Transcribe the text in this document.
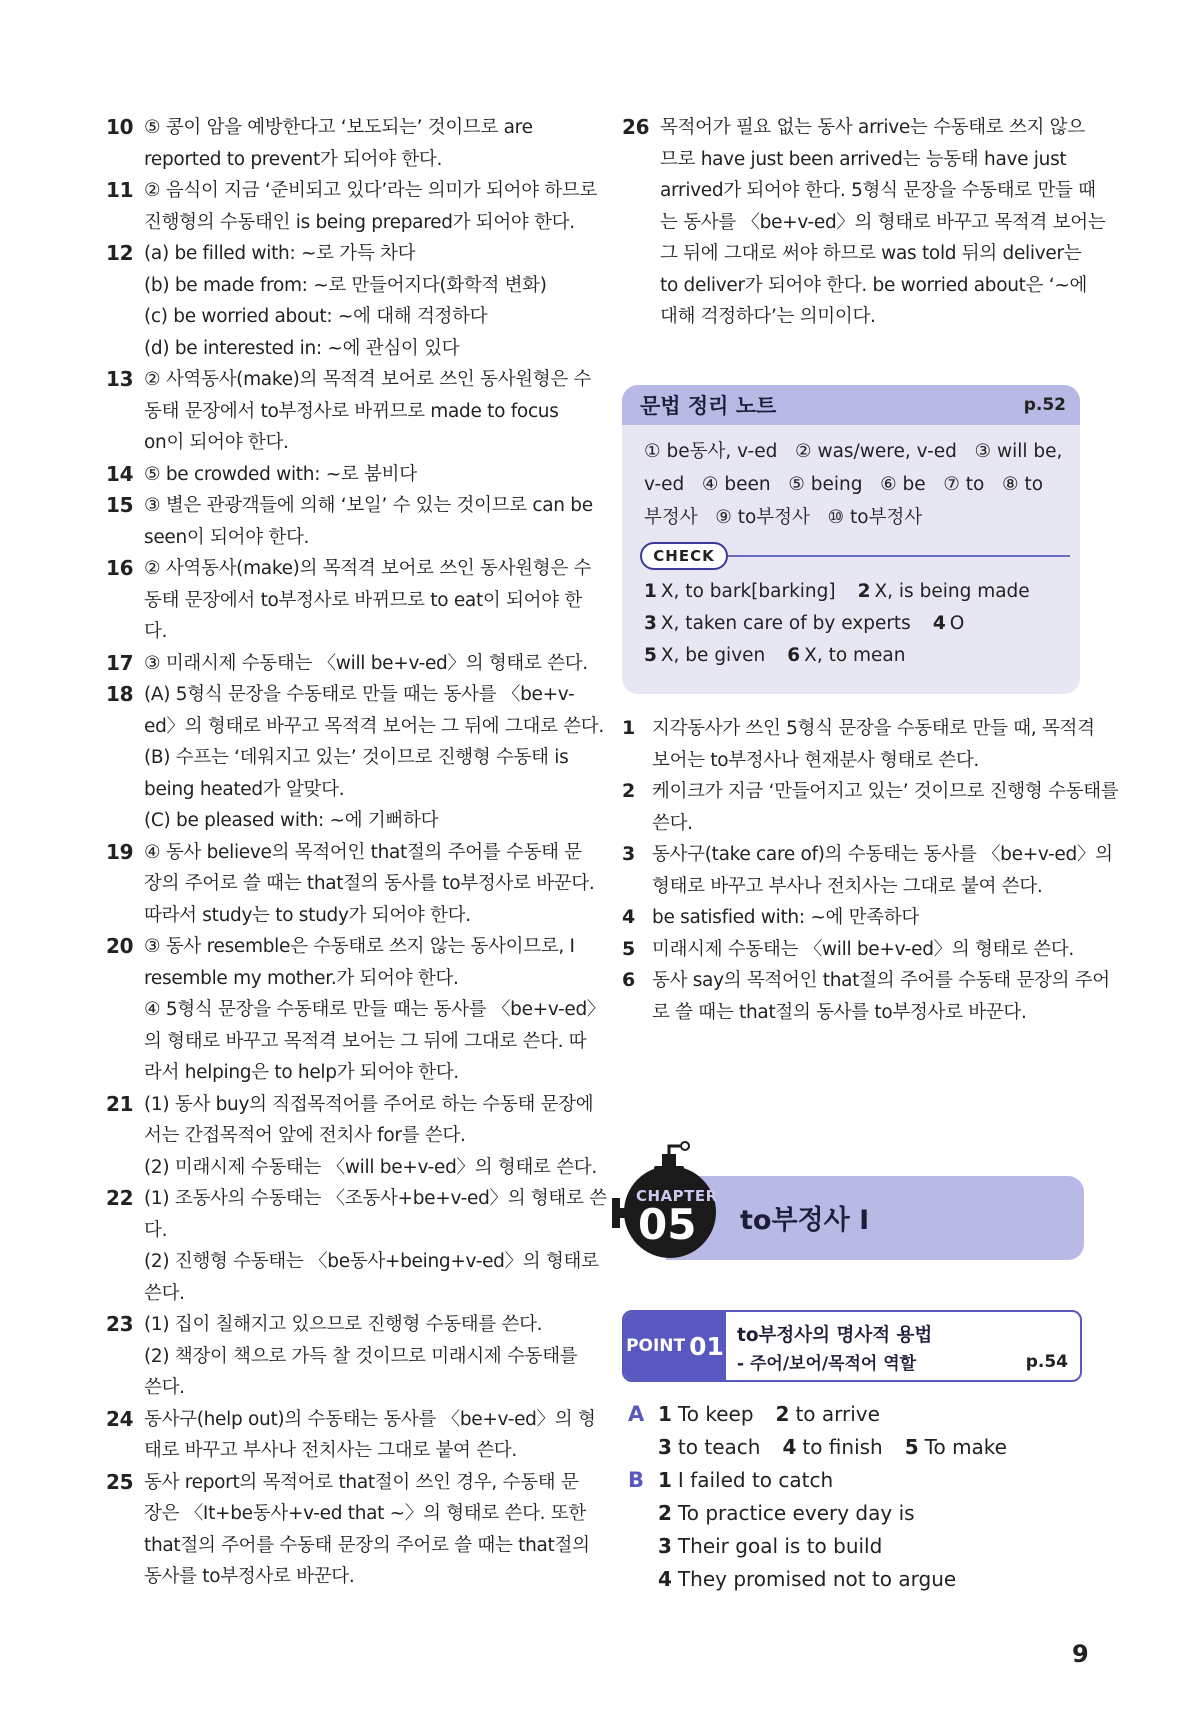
10 ⑤ 콩이 암을 예방한다고 ‘보도되는’ 것이므로 are
reported to prevent가 되어야 한다.
11 ② 음식이 지금 ‘준비되고 있다’라는 의미가 되어야 하므로
진행형의 수동태인 is being prepared가 되어야 한다.
12 (a) be filled with: ~로 가득 차다
(b) be made from: ~로 만들어지다(화학적 변화)
(c) be worried about: ~에 대해 걱정하다
(d) be interested in: ~에 관심이 있다
13 ② 사역동사(make)의 목적격 보어로 쓰인 동사원형은 수
동태 문장에서 to부정사로 바뀌므로 made to focus
on이 되어야 한다.
14 ⑤ be crowded with: ~로 붐비다
15 ③ 별은 관광객들에 의해 ‘보일’ 수 있는 것이므로 can be
seen이 되어야 한다.
16 ② 사역동사(make)의 목적격 보어로 쓰인 동사원형은 수
동태 문장에서 to부정사로 바뀌므로 to eat이 되어야 한
다.
17 ③ 미래시제 수동태는 〈will be+v-ed〉의 형태로 쓴다.
18 (A) 5형식 문장을 수동태로 만들 때는 동사를 〈be+v-
ed〉의 형태로 바꾸고 목적격 보어는 그 뒤에 그대로 쓴다.
(B) 수프는 ‘데워지고 있는’ 것이므로 진행형 수동태 is
being heated가 알맞다.
(C) be pleased with: ~에 기뻐하다
19 ④ 동사 believe의 목적어인 that절의 주어를 수동태 문
장의 주어로 쓸 때는 that절의 동사를 to부정사로 바꾼다.
따라서 study는 to study가 되어야 한다.
20 ③ 동사 resemble은 수동태로 쓰지 않는 동사이므로, I
resemble my mother.가 되어야 한다.
④ 5형식 문장을 수동태로 만들 때는 동사를 〈be+v-ed〉
의 형태로 바꾸고 목적격 보어는 그 뒤에 그대로 쓴다. 따
라서 helping은 to help가 되어야 한다.
21 (1) 동사 buy의 직접목적어를 주어로 하는 수동태 문장에
서는 간접목적어 앞에 전치사 for를 쓴다.
(2) 미래시제 수동태는 〈will be+v-ed〉의 형태로 쓴다.
22 (1) 조동사의 수동태는 〈조동사+be+v-ed〉의 형태로 쓴
다.
(2) 진행형 수동태는 〈be동사+being+v-ed〉의 형태로
쓴다.
23 (1) 집이 칠해지고 있으므로 진행형 수동태를 쓴다.
(2) 책장이 책으로 가득 찰 것이므로 미래시제 수동태를
쓴다.
24 동사구(help out)의 수동태는 동사를 〈be+v-ed〉의 형
태로 바꾸고 부사나 전치사는 그대로 붙여 쓴다.
25 동사 report의 목적어로 that절이 쓰인 경우, 수동태 문
장은 〈It+be동사+v-ed that ~〉의 형태로 쓴다. 또한
that절의 주어를 수동태 문장의 주어로 쓸 때는 that절의
동사를 to부정사로 바꾼다.
26 목적어가 필요 없는 동사 arrive는 수동태로 쓰지 않으
므로 have just been arrived는 능동태 have just
arrived가 되어야 한다. 5형식 문장을 수동태로 만들 때
는 동사를 〈be+v-ed〉의 형태로 바꾸고 목적격 보어는
그 뒤에 그대로 써야 하므로 was told 뒤의 deliver는
to deliver가 되어야 한다. be worried about은 ‘~에
대해 걱정하다’는 의미이다.
문법 정리 노트	p.52
① be동사, v-ed   ② was/were, v-ed   ③ will be,
v-ed   ④ been   ⑤ being   ⑥ be   ⑦ to   ⑧ to
부정사   ⑨ to부정사   ⑩ to부정사
CHECK
1 X, to bark[barking] 2 X, is being made
3 X, taken care of by experts 4 O
5 X, be given 6 X, to mean
1 지각동사가 쓰인 5형식 문장을 수동태로 만들 때, 목적격
보어는 to부정사나 현재분사 형태로 쓴다.
2 케이크가 지금 ‘만들어지고 있는’ 것이므로 진행형 수동태를
쓴다.
3 동사구(take care of)의 수동태는 동사를 〈be+v-ed〉의
형태로 바꾸고 부사나 전치사는 그대로 붙여 쓴다.
4 be satisfied with: ~에 만족하다
5 미래시제 수동태는 〈will be+v-ed〉의 형태로 쓴다.
6 동사 say의 목적어인 that절의 주어를 수동태 문장의 주어
로 쓸 때는 that절의 동사를 to부정사로 바꾼다.
CHAPTER
05 to부정사 I
POINT 01 to부정사의 명사적 용법
- 주어/보어/목적어 역할	p.54
A 1 To keep 2 to arrive
3 to teach 4 to finish 5 To make
B 1 I failed to catch
2 To practice every day is
3 Their goal is to build
4 They promised not to argue
9
